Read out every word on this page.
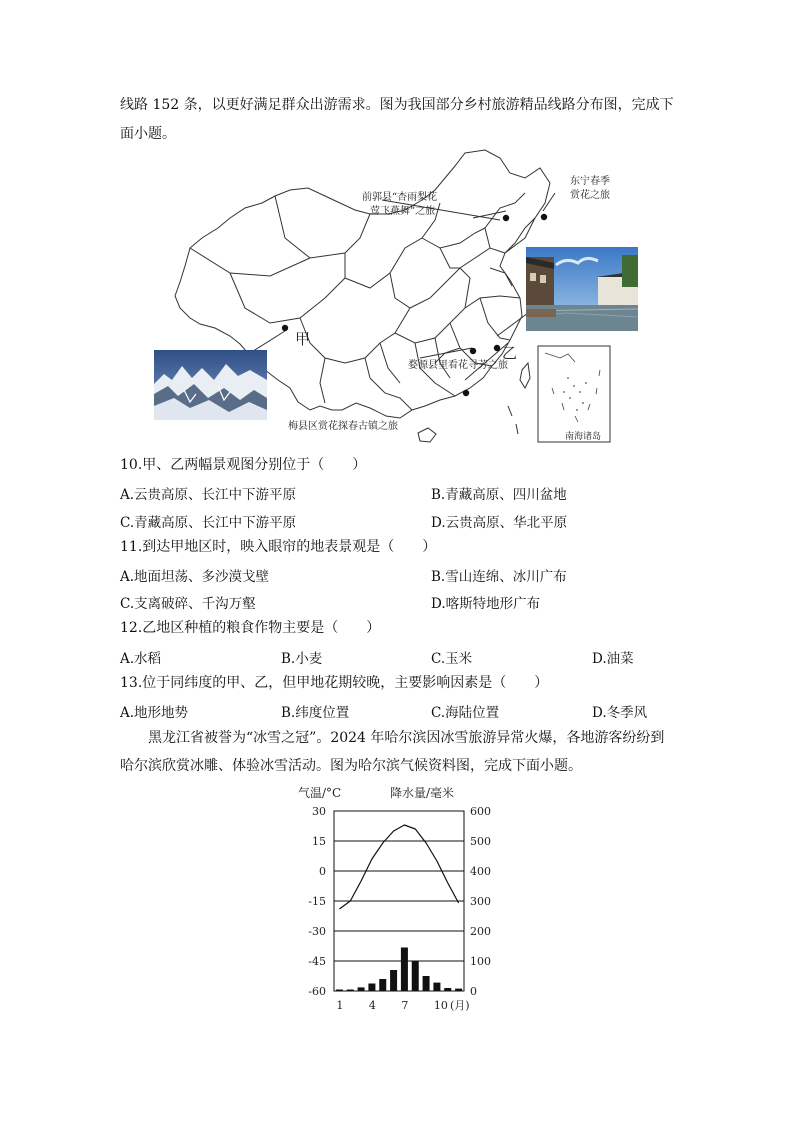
线路 152 条，以更好满足群众出游需求。图为我国部分乡村旅游精品线路分布图，完成下
面小题。
前郭县“杏雨梨花
莺飞燕舞”之旅
东宁春季
赏花之旅
甲
乙
婺源县里看花寻芳之旅
梅县区赏花探春古镇之旅
南海诸岛
10.甲、乙两幅景观图分别位于（　　）
A.云贵高原、长江中下游平原	B.青藏高原、四川盆地
C.青藏高原、长江中下游平原	D.云贵高原、华北平原
11.到达甲地区时，映入眼帘的地表景观是（　　）
A.地面坦荡、多沙漠戈壁	B.雪山连绵、冰川广布
C.支离破碎、千沟万壑	D.喀斯特地形广布
12.乙地区种植的粮食作物主要是（　　）
A.水稻	B.小麦	C.玉米	D.油菜
13.位于同纬度的甲、乙，但甲地花期较晚，主要影响因素是（　　）
A.地形地势	B.纬度位置	C.海陆位置	D.冬季风
黑龙江省被誉为“冰雪之冠”。2024 年哈尔滨因冰雪旅游异常火爆，各地游客纷纷到
哈尔滨欣赏冰雕、体验冰雪活动。图为哈尔滨气候资料图，完成下面小题。
气温/°C	降水量/毫米
30
15
0
-15
-30
-45
-60
600
500
400
300
200
100
0
1 4 7 10 (月)
